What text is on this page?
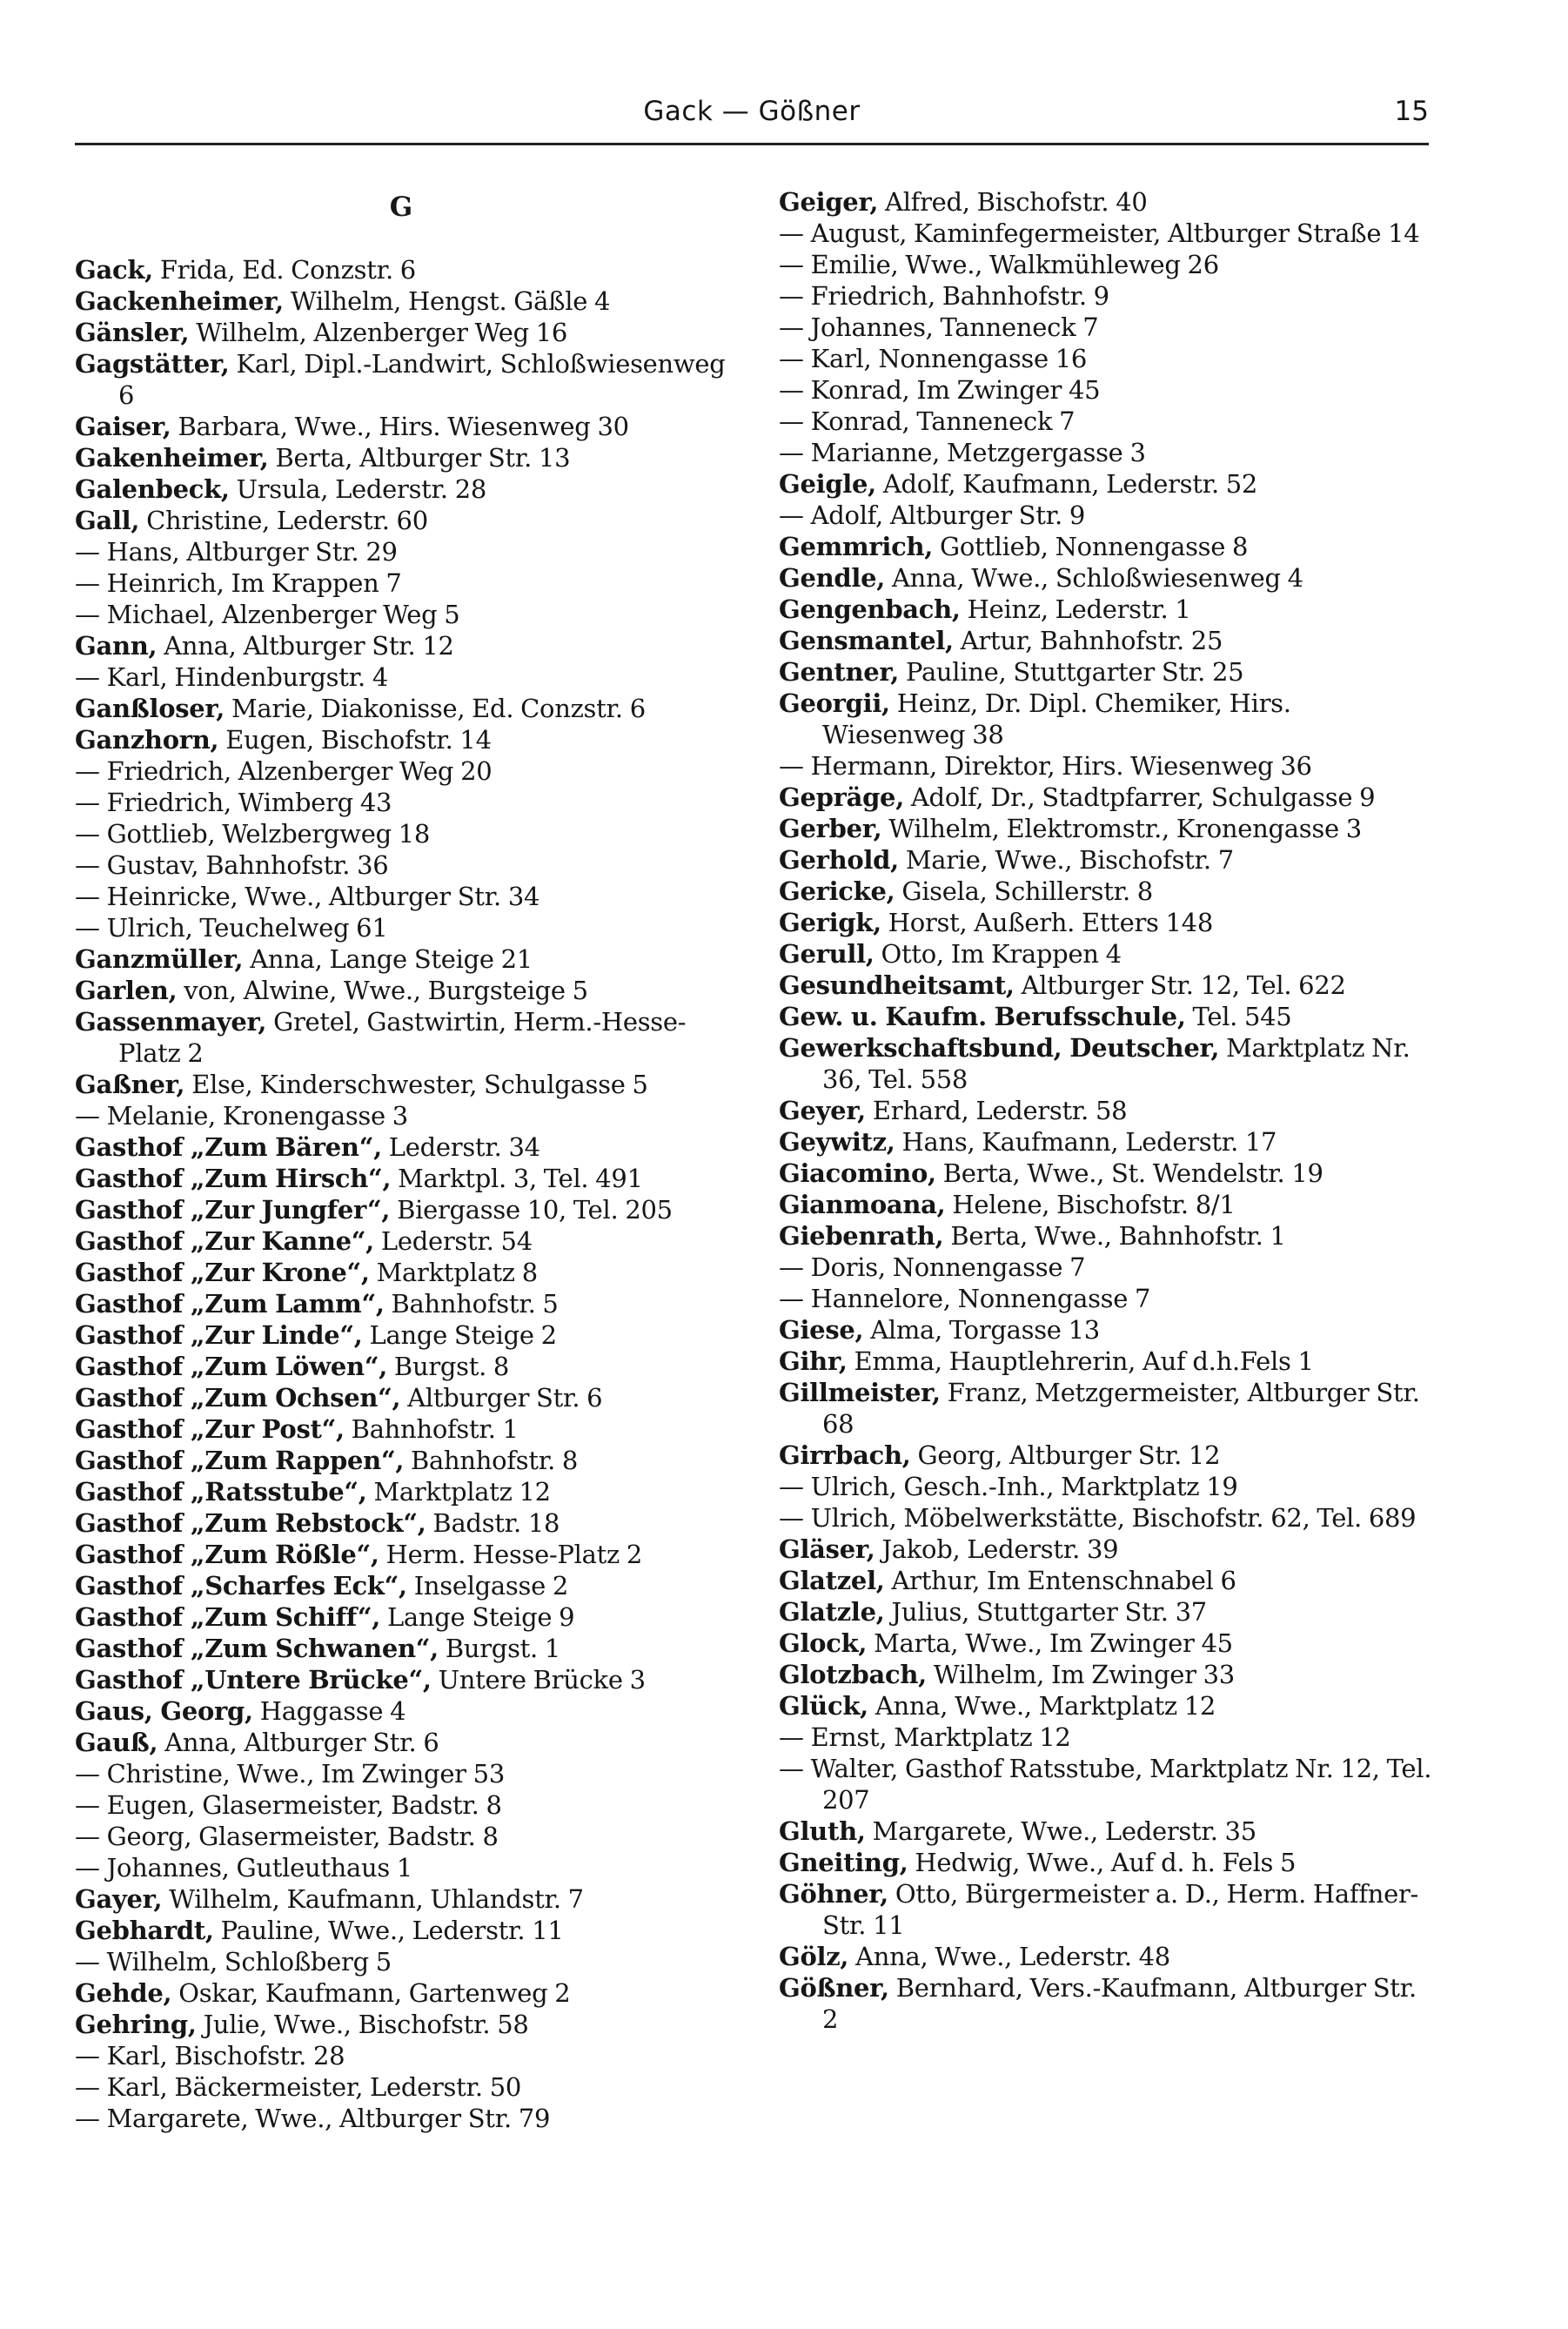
Gack — Gößner	15
G
Gack, Frida, Ed. Conzstr. 6
Gackenheimer, Wilhelm, Hengst. Gäßle 4
Gänsler, Wilhelm, Alzenberger Weg 16
Gagstätter, Karl, Dipl.-Landwirt, Schloßwiesenweg 6
Gaiser, Barbara, Wwe., Hirs. Wiesenweg 30
Gakenheimer, Berta, Altburger Str. 13
Galenbeck, Ursula, Lederstr. 28
Gall, Christine, Lederstr. 60
— Hans, Altburger Str. 29
— Heinrich, Im Krappen 7
— Michael, Alzenberger Weg 5
Gann, Anna, Altburger Str. 12
— Karl, Hindenburgstr. 4
Ganßloser, Marie, Diakonisse, Ed. Conzstr. 6
Ganzhorn, Eugen, Bischofstr. 14
— Friedrich, Alzenberger Weg 20
— Friedrich, Wimberg 43
— Gottlieb, Welzbergweg 18
— Gustav, Bahnhofstr. 36
— Heinricke, Wwe., Altburger Str. 34
— Ulrich, Teuchelweg 61
Ganzmüller, Anna, Lange Steige 21
Garlen, von, Alwine, Wwe., Burgsteige 5
Gassenmayer, Gretel, Gastwirtin, Herm.-Hesse-Platz 2
Gaßner, Else, Kinderschwester, Schulgasse 5
— Melanie, Kronengasse 3
Gasthof „Zum Bären“, Lederstr. 34
Gasthof „Zum Hirsch“, Marktpl. 3, Tel. 491
Gasthof „Zur Jungfer“, Biergasse 10, Tel. 205
Gasthof „Zur Kanne“, Lederstr. 54
Gasthof „Zur Krone“, Marktplatz 8
Gasthof „Zum Lamm“, Bahnhofstr. 5
Gasthof „Zur Linde“, Lange Steige 2
Gasthof „Zum Löwen“, Burgst. 8
Gasthof „Zum Ochsen“, Altburger Str. 6
Gasthof „Zur Post“, Bahnhofstr. 1
Gasthof „Zum Rappen“, Bahnhofstr. 8
Gasthof „Ratsstube“, Marktplatz 12
Gasthof „Zum Rebstock“, Badstr. 18
Gasthof „Zum Rößle“, Herm. Hesse-Platz 2
Gasthof „Scharfes Eck“, Inselgasse 2
Gasthof „Zum Schiff“, Lange Steige 9
Gasthof „Zum Schwanen“, Burgst. 1
Gasthof „Untere Brücke“, Untere Brücke 3
Gaus, Georg, Haggasse 4
Gauß, Anna, Altburger Str. 6
— Christine, Wwe., Im Zwinger 53
— Eugen, Glasermeister, Badstr. 8
— Georg, Glasermeister, Badstr. 8
— Johannes, Gutleuthaus 1
Gayer, Wilhelm, Kaufmann, Uhlandstr. 7
Gebhardt, Pauline, Wwe., Lederstr. 11
— Wilhelm, Schloßberg 5
Gehde, Oskar, Kaufmann, Gartenweg 2
Gehring, Julie, Wwe., Bischofstr. 58
— Karl, Bischofstr. 28
— Karl, Bäckermeister, Lederstr. 50
— Margarete, Wwe., Altburger Str. 79
Geiger, Alfred, Bischofstr. 40
— August, Kaminfegermeister, Altburger Straße 14
— Emilie, Wwe., Walkmühleweg 26
— Friedrich, Bahnhofstr. 9
— Johannes, Tanneneck 7
— Karl, Nonnengasse 16
— Konrad, Im Zwinger 45
— Konrad, Tanneneck 7
— Marianne, Metzgergasse 3
Geigle, Adolf, Kaufmann, Lederstr. 52
— Adolf, Altburger Str. 9
Gemmrich, Gottlieb, Nonnengasse 8
Gendle, Anna, Wwe., Schloßwiesenweg 4
Gengenbach, Heinz, Lederstr. 1
Gensmantel, Artur, Bahnhofstr. 25
Gentner, Pauline, Stuttgarter Str. 25
Georgii, Heinz, Dr. Dipl. Chemiker, Hirs. Wiesenweg 38
— Hermann, Direktor, Hirs. Wiesenweg 36
Gepräge, Adolf, Dr., Stadtpfarrer, Schulgasse 9
Gerber, Wilhelm, Elektromstr., Kronengasse 3
Gerhold, Marie, Wwe., Bischofstr. 7
Gericke, Gisela, Schillerstr. 8
Gerigk, Horst, Außerh. Etters 148
Gerull, Otto, Im Krappen 4
Gesundheitsamt, Altburger Str. 12, Tel. 622
Gew. u. Kaufm. Berufsschule, Tel. 545
Gewerkschaftsbund, Deutscher, Marktplatz Nr. 36, Tel. 558
Geyer, Erhard, Lederstr. 58
Geywitz, Hans, Kaufmann, Lederstr. 17
Giacomino, Berta, Wwe., St. Wendelstr. 19
Gianmoana, Helene, Bischofstr. 8/1
Giebenrath, Berta, Wwe., Bahnhofstr. 1
— Doris, Nonnengasse 7
— Hannelore, Nonnengasse 7
Giese, Alma, Torgasse 13
Gihr, Emma, Hauptlehrerin, Auf d.h.Fels 1
Gillmeister, Franz, Metzgermeister, Altburger Str. 68
Girrbach, Georg, Altburger Str. 12
— Ulrich, Gesch.-Inh., Marktplatz 19
— Ulrich, Möbelwerkstätte, Bischofstr. 62, Tel. 689
Gläser, Jakob, Lederstr. 39
Glatzel, Arthur, Im Entenschnabel 6
Glatzle, Julius, Stuttgarter Str. 37
Glock, Marta, Wwe., Im Zwinger 45
Glotzbach, Wilhelm, Im Zwinger 33
Glück, Anna, Wwe., Marktplatz 12
— Ernst, Marktplatz 12
— Walter, Gasthof Ratsstube, Marktplatz Nr. 12, Tel. 207
Gluth, Margarete, Wwe., Lederstr. 35
Gneiting, Hedwig, Wwe., Auf d. h. Fels 5
Göhner, Otto, Bürgermeister a. D., Herm. Haffner-Str. 11
Gölz, Anna, Wwe., Lederstr. 48
Gößner, Bernhard, Vers.-Kaufmann, Altburger Str. 2
